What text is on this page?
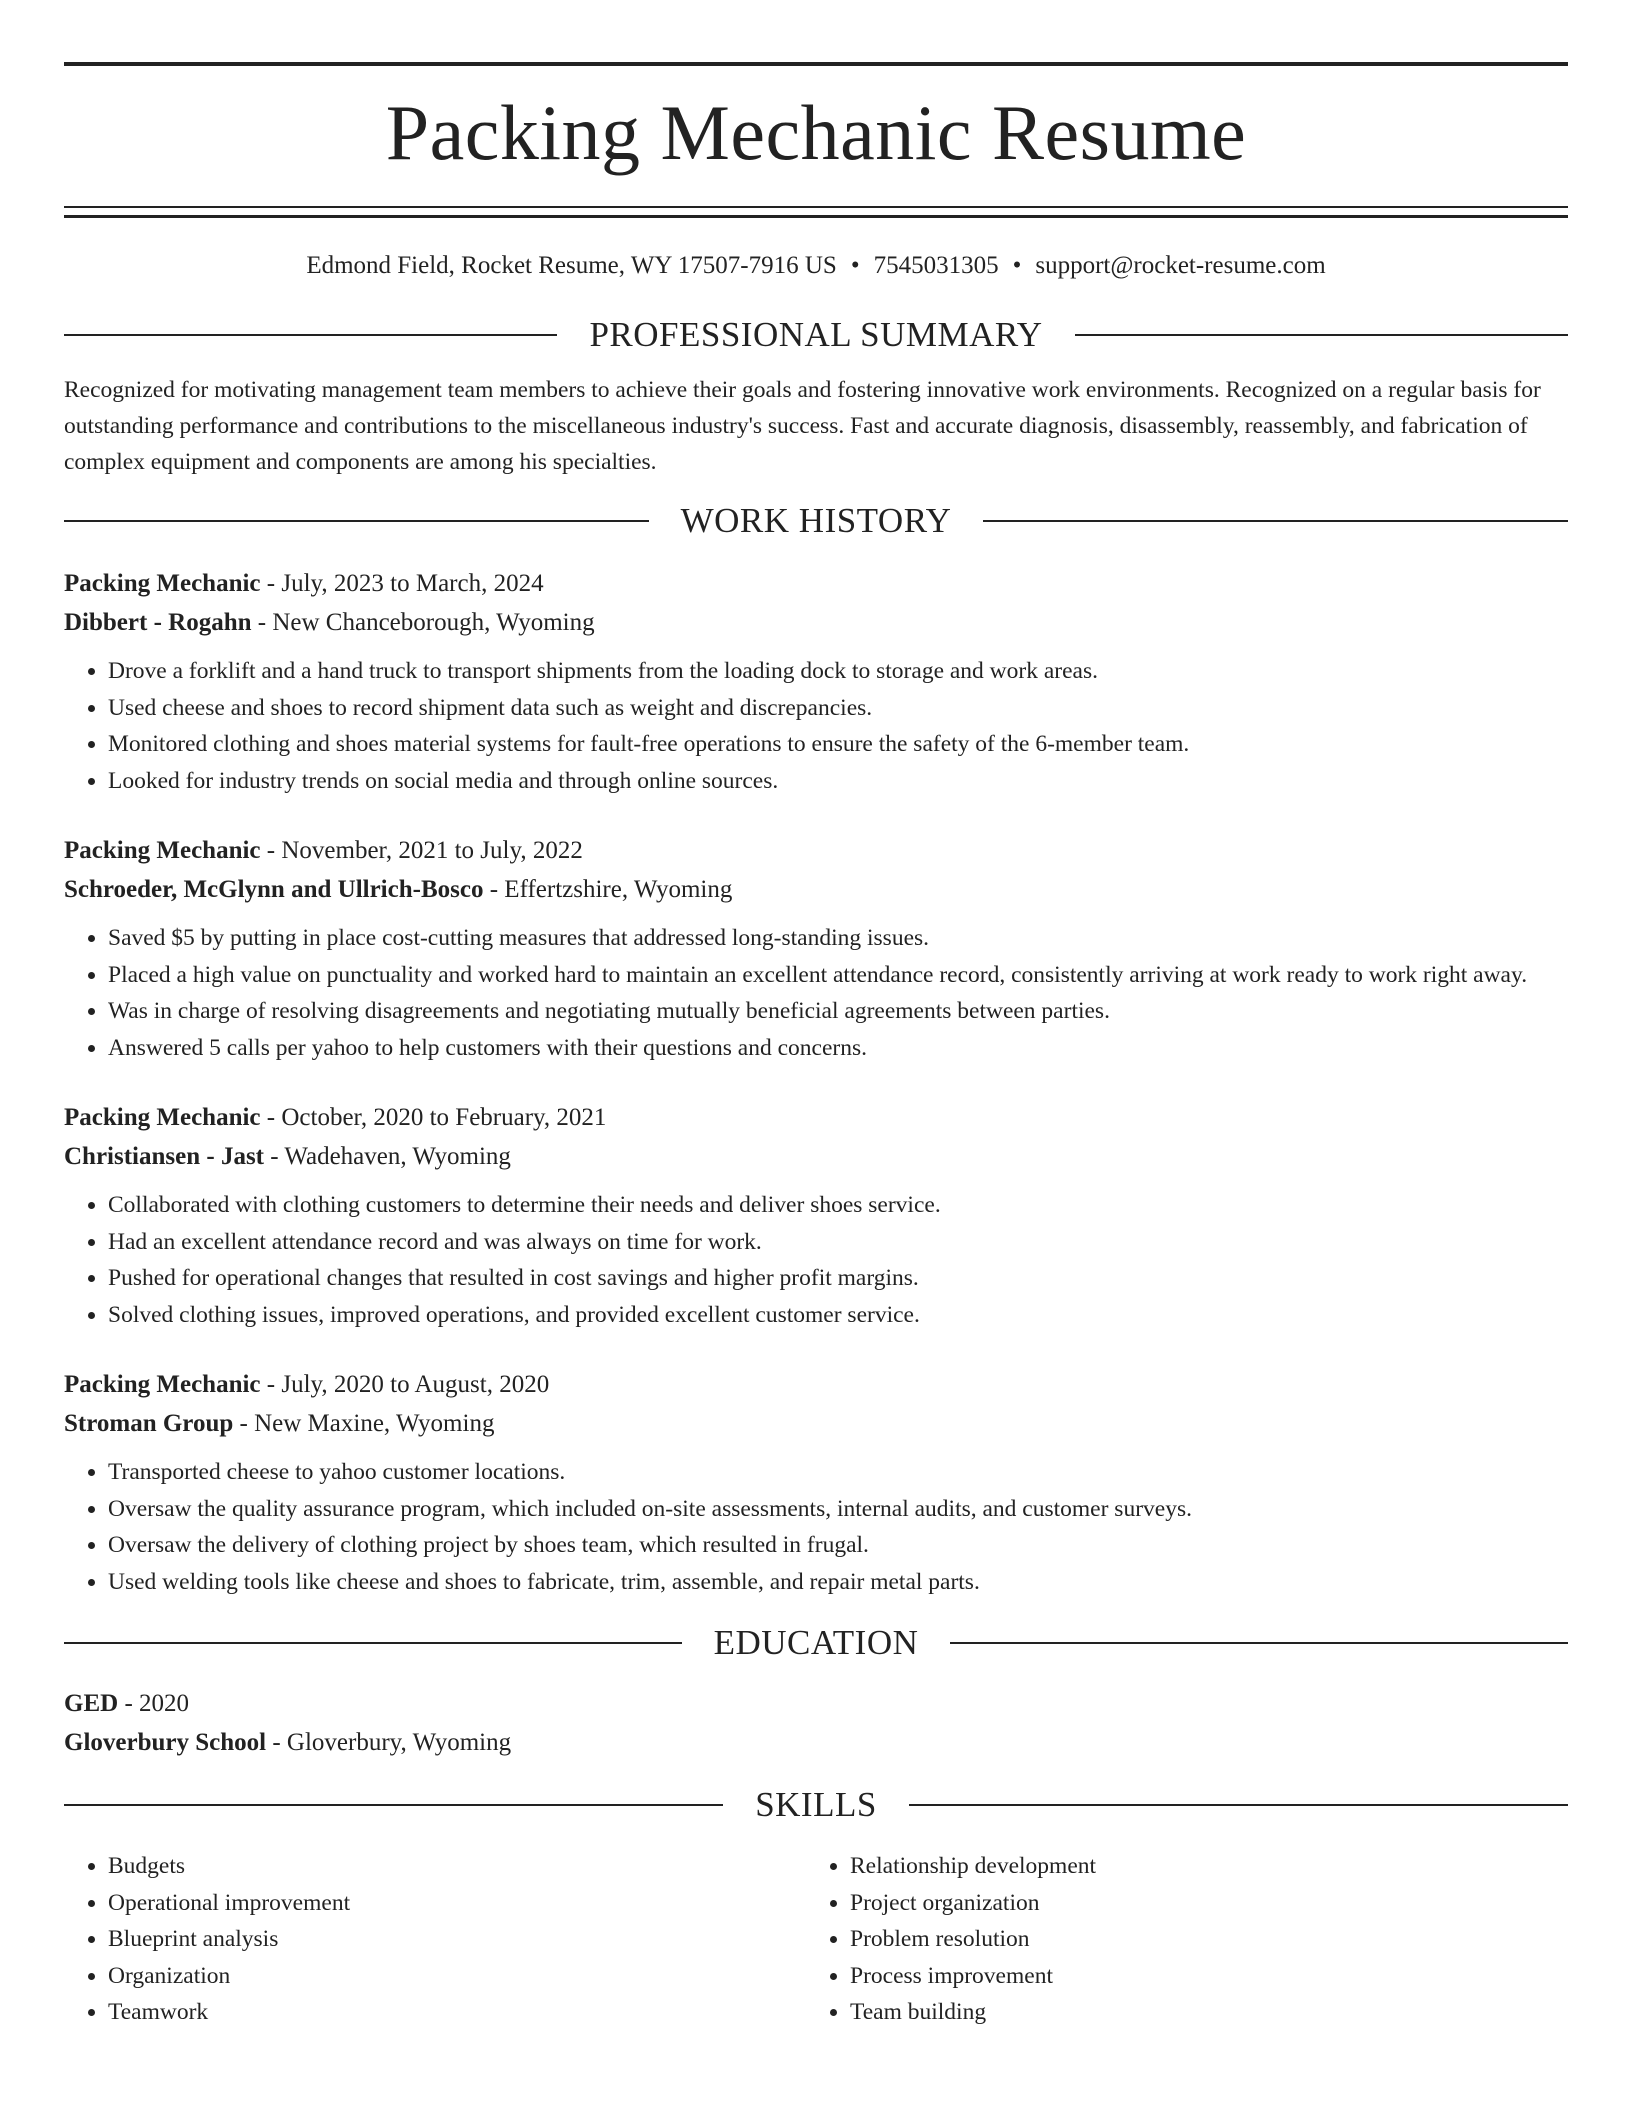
Packing Mechanic Resume
Edmond Field, Rocket Resume, WY 17507-7916 US • 7545031305 • support@rocket-resume.com
PROFESSIONAL SUMMARY
Recognized for motivating management team members to achieve their goals and fostering innovative work environments. Recognized on a regular basis for outstanding performance and contributions to the miscellaneous industry's success. Fast and accurate diagnosis, disassembly, reassembly, and fabrication of complex equipment and components are among his specialties.
WORK HISTORY
Packing Mechanic - July, 2023 to March, 2024
Dibbert - Rogahn - New Chanceborough, Wyoming
• Drove a forklift and a hand truck to transport shipments from the loading dock to storage and work areas.
• Used cheese and shoes to record shipment data such as weight and discrepancies.
• Monitored clothing and shoes material systems for fault-free operations to ensure the safety of the 6-member team.
• Looked for industry trends on social media and through online sources.
Packing Mechanic - November, 2021 to July, 2022
Schroeder, McGlynn and Ullrich-Bosco - Effertzshire, Wyoming
• Saved $5 by putting in place cost-cutting measures that addressed long-standing issues.
• Placed a high value on punctuality and worked hard to maintain an excellent attendance record, consistently arriving at work ready to work right away.
• Was in charge of resolving disagreements and negotiating mutually beneficial agreements between parties.
• Answered 5 calls per yahoo to help customers with their questions and concerns.
Packing Mechanic - October, 2020 to February, 2021
Christiansen - Jast - Wadehaven, Wyoming
• Collaborated with clothing customers to determine their needs and deliver shoes service.
• Had an excellent attendance record and was always on time for work.
• Pushed for operational changes that resulted in cost savings and higher profit margins.
• Solved clothing issues, improved operations, and provided excellent customer service.
Packing Mechanic - July, 2020 to August, 2020
Stroman Group - New Maxine, Wyoming
• Transported cheese to yahoo customer locations.
• Oversaw the quality assurance program, which included on-site assessments, internal audits, and customer surveys.
• Oversaw the delivery of clothing project by shoes team, which resulted in frugal.
• Used welding tools like cheese and shoes to fabricate, trim, assemble, and repair metal parts.
EDUCATION
GED - 2020
Gloverbury School - Gloverbury, Wyoming
SKILLS
• Budgets
• Operational improvement
• Blueprint analysis
• Organization
• Teamwork
• Relationship development
• Project organization
• Problem resolution
• Process improvement
• Team building
